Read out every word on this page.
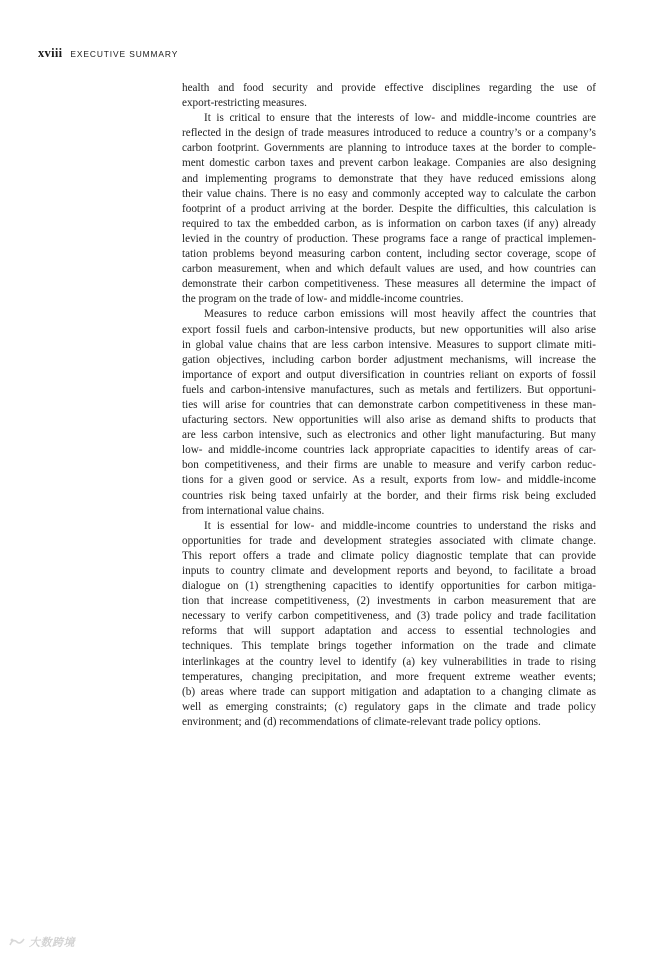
xviii EXECUTIVE SUMMARY
health and food security and provide effective disciplines regarding the use of
export-restricting measures.
It is critical to ensure that the interests of low- and middle-income countries are
reflected in the design of trade measures introduced to reduce a country’s or a company’s
carbon footprint. Governments are planning to introduce taxes at the border to comple-
ment domestic carbon taxes and prevent carbon leakage. Companies are also designing
and implementing programs to demonstrate that they have reduced emissions along
their value chains. There is no easy and commonly accepted way to calculate the carbon
footprint of a product arriving at the border. Despite the difficulties, this calculation is
required to tax the embedded carbon, as is information on carbon taxes (if any) already
levied in the country of production. These programs face a range of practical implemen-
tation problems beyond measuring carbon content, including sector coverage, scope of
carbon measurement, when and which default values are used, and how countries can
demonstrate their carbon competitiveness. These measures all determine the impact of
the program on the trade of low- and middle-income countries.
Measures to reduce carbon emissions will most heavily affect the countries that
export fossil fuels and carbon-intensive products, but new opportunities will also arise
in global value chains that are less carbon intensive. Measures to support climate miti-
gation objectives, including carbon border adjustment mechanisms, will increase the
importance of export and output diversification in countries reliant on exports of fossil
fuels and carbon-intensive manufactures, such as metals and fertilizers. But opportuni-
ties will arise for countries that can demonstrate carbon competitiveness in these man-
ufacturing sectors. New opportunities will also arise as demand shifts to products that
are less carbon intensive, such as electronics and other light manufacturing. But many
low- and middle-income countries lack appropriate capacities to identify areas of car-
bon competitiveness, and their firms are unable to measure and verify carbon reduc-
tions for a given good or service. As a result, exports from low- and middle-income
countries risk being taxed unfairly at the border, and their firms risk being excluded
from international value chains.
It is essential for low- and middle-income countries to understand the risks and
opportunities for trade and development strategies associated with climate change.
This report offers a trade and climate policy diagnostic template that can provide
inputs to country climate and development reports and beyond, to facilitate a broad
dialogue on (1) strengthening capacities to identify opportunities for carbon mitiga-
tion that increase competitiveness, (2) investments in carbon measurement that are
necessary to verify carbon competitiveness, and (3) trade policy and trade facilitation
reforms that will support adaptation and access to essential technologies and
techniques. This template brings together information on the trade and climate
interlinkages at the country level to identify (a) key vulnerabilities in trade to rising
temperatures, changing precipitation, and more frequent extreme weather events;
(b) areas where trade can support mitigation and adaptation to a changing climate as
well as emerging constraints; (c) regulatory gaps in the climate and trade policy
environment; and (d) recommendations of climate-relevant trade policy options.
大数跨境
